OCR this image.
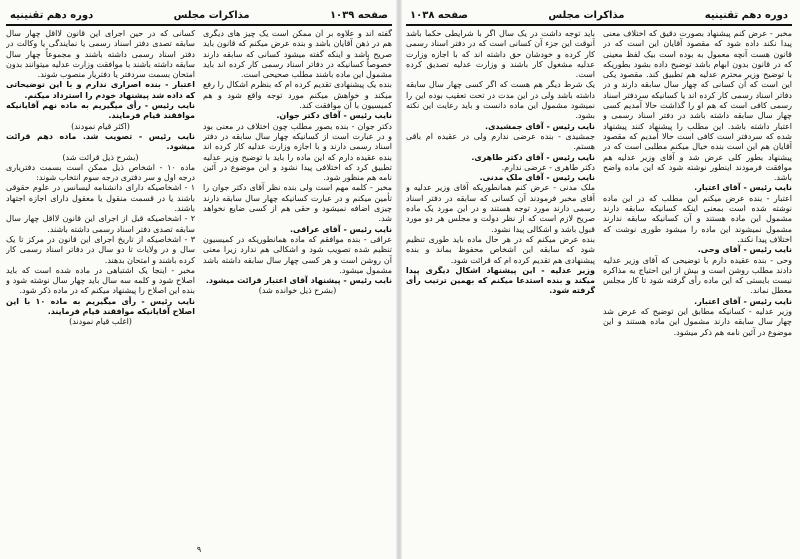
صفحه ۱۰۳۹
مذاکرات مجلس
دوره دهم تقنینیه

گفته اند و علاوه بر آن ممکن است یک چیز های دیگری هم در ذهن آقایان باشد و بنده عرض میکنم که قانون باید صریح باشد و اینکه گفته میشود کسانی که سابقه دارند خصوصاً کسانیکه در دفاتر اسناد رسمی کار کرده اند باید مشمول این ماده باشند مطلب صحیحی است.

بنده یک پیشنهادی تقدیم کرده ام که بنظرم اشکال را رفع میکند و خواهش میکنم مورد توجه واقع شود و هم کمیسیون با آن موافقت کند.

نایب رئیس - آقای دکتر جوان.

دکتر جوان - بنده بصور مطلب چون اختلاف در معنی بود و در عبارت است از کسانیکه چهار سال سابقه در دفتر اسناد رسمی دارند و با اجازه وزارت عدلیه کار کرده اند بنده عقیده دارم که این ماده را باید با توضیح وزیر عدلیه تطبیق کرد که اختلافی پیدا نشود و این موضوع در آئین نامه هم منظور شود.

مخبر - کلمه مهم است ولی بنده نظر آقای دکتر جوان را تأمین میکنم و در عبارت کسانیکه چهار سال سابقه دارند چیزی اضافه نمیشود و حقی هم از کسی ضایع نخواهد شد.

نایب رئیس - آقای عراقی.

عراقی - بنده موافقم که ماده همانطوریکه در کمیسیون تنظیم شده تصویب شود و اشکالی هم ندارد زیرا معنی آن روشن است و هر کسی چهار سال سابقه داشته باشد مشمول میشود.

نایب رئیس - پیشنهاد آقای اعتبار قرائت میشود.

(بشرح ذیل خوانده شد)

کسانی که در حین اجرای این قانون لااقل چهار سال سابقه تصدی دفتر اسناد رسمی یا نمایندگی یا وکالت در دفتر اسناد رسمی داشته باشند و مجموعاً چهار سال سابقه داشته باشند با موافقت وزارت عدلیه میتوانند بدون امتحان بسمت سردفتر یا دفتریار منصوب شوند.

اعتبار - بنده اصراری ندارم و با این توضیحاتی که داده شد پیشنهاد خودم را استرداد میکنم.

نایب رئیس - رأی میگیریم به ماده نهم آقایانیکه موافقند قیام فرمایند.

(اکثر قیام نمودند)

نایب رئیس - تصویب شد. ماده دهم قرائت میشود.

(بشرح ذیل قرائت شد)

ماده ۱۰ - اشخاص ذیل ممکن است بسمت دفتریاری درجه اول و سر دفتری درجه سوم انتخاب شوند:

۱ - اشخاصیکه دارای دانشنامه لیسانس در علوم حقوقی باشند یا در قسمت منقول یا معقول دارای اجازه اجتهاد باشند.

۲ - اشخاصیکه قبل از اجرای این قانون لااقل چهار سال سابقه تصدی دفتر اسناد رسمی داشته باشند.

۳ - اشخاصیکه از تاریخ اجرای این قانون در مرکز تا یک سال و در ولایات تا دو سال در دفاتر اسناد رسمی کار کرده باشند و امتحان بدهند.

مخبر - اینجا یک اشتباهی در ماده شده است که باید اصلاح شود و کلمه سه سال باید چهار سال نوشته شود و بنده این اصلاح را پیشنهاد میکنم که در ماده ذکر شود.

نایب رئیس - رأی میگیریم به ماده ۱۰ با این اصلاح آقایانیکه موافقند قیام فرمایند.

(اغلب قیام نمودند)

۹
دوره دهم تقنینیه
مذاکرات مجلس
صفحه ۱۰۳۸

مخبر - عرض کنم پیشنهاد بصورت دقیق که اختلاف معنی پیدا نکند داده شود که مقصود آقایان این است که در قانون هست آنچه معمول به بوده است بیک لفظ معینی که در قانون بدون ابهام باشد توضیح داده بشود بطوریکه با توضیح وزیر محترم عدلیه هم تطبیق کند. مقصود یکی این است که آن کسانی که چهار سال سابقه دارند و در دفاتر اسناد رسمی کار کرده اند یا کسانیکه سردفتر اسناد رسمی کافی است که هم او را گذاشت حالا آمدیم کسی چهار سال سابقه داشته باشد در دفتر اسناد رسمی و اعتبار داشته باشد. این مطلب را پیشنهاد کنند پیشنهاد شده که سردفتر است کافی است حالا آمدیم که مقصود آقایان هم این است بنده خیال میکنم مطلبی است که در پیشنهاد بطور کلی عرض شد و آقای وزیر عدلیه هم موافقت فرمودند اینطور نوشته شود که این ماده واضح باشد.

نایب رئیس - آقای اعتبار.

اعتبار - بنده عرض میکنم این مطلب که در این ماده نوشته شده است بمعنی اینکه کسانیکه سابقه دارند مشمول این ماده هستند و آن کسانیکه سابقه ندارند مشمول نمیشوند این ماده را میشود طوری نوشت که اختلاف پیدا نکند.

نایب رئیس - آقای وحی.

وحی - بنده عقیده دارم با توضیحی که آقای وزیر عدلیه دادند مطلب روشن است و بیش از این احتیاج به مذاکره نیست بایستی که این ماده رأی گرفته شود تا کار مجلس معطل نماند.

نایب رئیس - آقای اعتبار.

وزیر عدلیه - کسانیکه مطابق این توضیح که عرض شد چهار سال سابقه دارند مشمول این ماده هستند و این موضوع در آئین نامه هم ذکر میشود.

باید توجه داشت در یک سال اگر با شرایطی حکماً باشد آنوقت این جزء آن کسانی است که در دفتر اسناد رسمی کار کرده و خودشان حق داشته اند که با اجازه وزارت عدلیه مشغول کار باشند و وزارت عدلیه تصدیق کرده است.

یک شرط دیگر هم هست که اگر کسی چهار سال سابقه داشته باشد ولی در این مدت در تحت تعقیب بوده این را نمیشود مشمول این ماده دانست و باید رعایت این نکته بشود.

نایب رئیس - آقای جمشیدی.

جمشیدی - بنده عرضی ندارم ولی در عقیده ام باقی هستم.

نایب رئیس - آقای دکتر طاهری.

دکتر طاهری - عرضی ندارم.

نایب رئیس - آقای ملک مدنی.

ملک مدنی - عرض کنم همانطوریکه آقای وزیر عدلیه و آقای مخبر فرمودند آن کسانی که سابقه در دفتر اسناد رسمی دارند مورد توجه هستند و در این مورد یک ماده صریح لازم است که از نظر دولت و مجلس هر دو مورد قبول باشد و اشکالی پیدا نشود.

بنده عرض میکنم که در هر حال ماده باید طوری تنظیم شود که سابقه این اشخاص محفوظ بماند و بنده پیشنهادی هم تقدیم کرده ام که قرائت شود.

وزیر عدلیه - این پیشنهاد اشکال دیگری پیدا میکند و بنده استدعا میکنم که بهمین ترتیب رأی گرفته شود.
